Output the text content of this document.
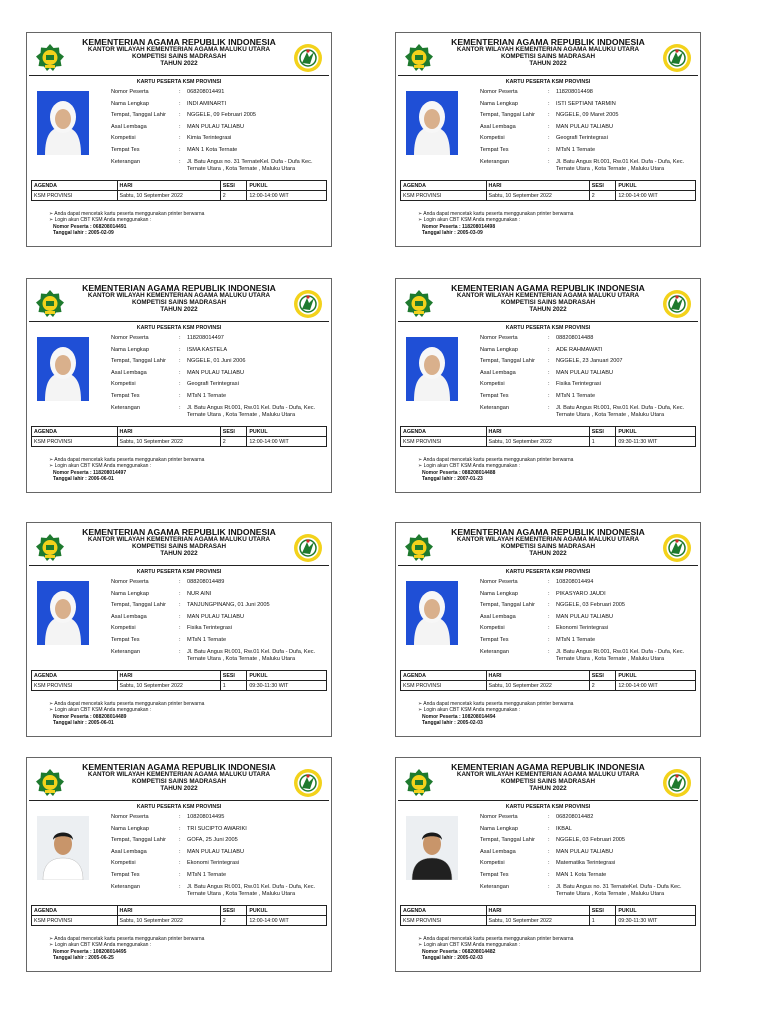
KEMENTERIAN AGAMA REPUBLIK INDONESIA
KANTOR WILAYAH KEMENTERIAN AGAMA MALUKU UTARA
KOMPETISI SAINS MADRASAH
TAHUN 2022
KARTU PESERTA KSM PROVINSI
Nomor Peserta	: 068208014491
Nama Lengkap	: INDI AMINARTI
Tempat, Tanggal Lahir : NGGELE, 09 Februari 2005
Asal Lembaga	: MAN PULAU TALIABU
Kompetisi	: Kimia Terintegrasi
Tempat Tes	: MAN 1 Kota Ternate
Keterangan	: Jl. Batu Angus no. 31 TernateKel. Dufa - Dufa Kec. Ternate Utara , Kota Ternate , Maluku Utara
AGENDA	HARI	SESI	PUKUL
KSM PROVINSI	Sabtu, 10 September 2022	2	12:00-14:00 WIT
➢ Anda dapat mencetak kartu peserta menggunakan printer berwarna
➢ Login akun CBT KSM Anda menggunakan :
Nomor Peserta : 068208014491
Tanggal lahir : 2005-02-09
KEMENTERIAN AGAMA REPUBLIK INDONESIA
KANTOR WILAYAH KEMENTERIAN AGAMA MALUKU UTARA
KOMPETISI SAINS MADRASAH
TAHUN 2022
KARTU PESERTA KSM PROVINSI
Nomor Peserta	: 118208014498
Nama Lengkap	: ISTI SEPTIANI TARMIN
Tempat, Tanggal Lahir : NGGELE, 09 Maret 2005
Asal Lembaga	: MAN PULAU TALIABU
Kompetisi	: Geografi Terintegrasi
Tempat Tes	: MTsN 1 Ternate
Keterangan	: Jl. Batu Angus Rt.001, Rw.01 Kel. Dufa - Dufa, Kec. Ternate Utara , Kota Ternate , Maluku Utara
AGENDA	HARI	SESI	PUKUL
KSM PROVINSI	Sabtu, 10 September 2022	2	12:00-14:00 WIT
➢ Anda dapat mencetak kartu peserta menggunakan printer berwarna
➢ Login akun CBT KSM Anda menggunakan :
Nomor Peserta : 118208014498
Tanggal lahir : 2005-03-09
KEMENTERIAN AGAMA REPUBLIK INDONESIA
KANTOR WILAYAH KEMENTERIAN AGAMA MALUKU UTARA
KOMPETISI SAINS MADRASAH
TAHUN 2022
KARTU PESERTA KSM PROVINSI
Nomor Peserta	: 118208014497
Nama Lengkap	: ISMA KASTELA
Tempat, Tanggal Lahir : NGGELE, 01 Juni 2006
Asal Lembaga	: MAN PULAU TALIABU
Kompetisi	: Geografi Terintegrasi
Tempat Tes	: MTsN 1 Ternate
Keterangan	: Jl. Batu Angus Rt.001, Rw.01 Kel. Dufa - Dufa, Kec. Ternate Utara , Kota Ternate , Maluku Utara
AGENDA	HARI	SESI	PUKUL
KSM PROVINSI	Sabtu, 10 September 2022	2	12:00-14:00 WIT
➢ Anda dapat mencetak kartu peserta menggunakan printer berwarna
➢ Login akun CBT KSM Anda menggunakan :
Nomor Peserta : 118208014497
Tanggal lahir : 2006-06-01
KEMENTERIAN AGAMA REPUBLIK INDONESIA
KANTOR WILAYAH KEMENTERIAN AGAMA MALUKU UTARA
KOMPETISI SAINS MADRASAH
TAHUN 2022
KARTU PESERTA KSM PROVINSI
Nomor Peserta	: 088208014488
Nama Lengkap	: ADE RAHMAWATI
Tempat, Tanggal Lahir : NGGELE, 23 Januari 2007
Asal Lembaga	: MAN PULAU TALIABU
Kompetisi	: Fisika Terintegrasi
Tempat Tes	: MTsN 1 Ternate
Keterangan	: Jl. Batu Angus Rt.001, Rw.01 Kel. Dufa - Dufa, Kec. Ternate Utara , Kota Ternate , Maluku Utara
AGENDA	HARI	SESI	PUKUL
KSM PROVINSI	Sabtu, 10 September 2022	1	09:30-11:30 WIT
➢ Anda dapat mencetak kartu peserta menggunakan printer berwarna
➢ Login akun CBT KSM Anda menggunakan :
Nomor Peserta : 088208014488
Tanggal lahir : 2007-01-23
KEMENTERIAN AGAMA REPUBLIK INDONESIA
KANTOR WILAYAH KEMENTERIAN AGAMA MALUKU UTARA
KOMPETISI SAINS MADRASAH
TAHUN 2022
KARTU PESERTA KSM PROVINSI
Nomor Peserta	: 088208014489
Nama Lengkap	: NUR AINI
Tempat, Tanggal Lahir : TANJUNGPINANG, 01 Juni 2005
Asal Lembaga	: MAN PULAU TALIABU
Kompetisi	: Fisika Terintegrasi
Tempat Tes	: MTsN 1 Ternate
Keterangan	: Jl. Batu Angus Rt.001, Rw.01 Kel. Dufa - Dufa, Kec. Ternate Utara , Kota Ternate , Maluku Utara
AGENDA	HARI	SESI	PUKUL
KSM PROVINSI	Sabtu, 10 September 2022	1	09:30-11:30 WIT
➢ Anda dapat mencetak kartu peserta menggunakan printer berwarna
➢ Login akun CBT KSM Anda menggunakan :
Nomor Peserta : 088208014489
Tanggal lahir : 2005-06-01
KEMENTERIAN AGAMA REPUBLIK INDONESIA
KANTOR WILAYAH KEMENTERIAN AGAMA MALUKU UTARA
KOMPETISI SAINS MADRASAH
TAHUN 2022
KARTU PESERTA KSM PROVINSI
Nomor Peserta	: 108208014494
Nama Lengkap	: PIKASYARO JAUDI
Tempat, Tanggal Lahir : NGGELE, 03 Februari 2005
Asal Lembaga	: MAN PULAU TALIABU
Kompetisi	: Ekonomi Terintegrasi
Tempat Tes	: MTsN 1 Ternate
Keterangan	: Jl. Batu Angus Rt.001, Rw.01 Kel. Dufa - Dufa, Kec. Ternate Utara , Kota Ternate , Maluku Utara
AGENDA	HARI	SESI	PUKUL
KSM PROVINSI	Sabtu, 10 September 2022	2	12:00-14:00 WIT
➢ Anda dapat mencetak kartu peserta menggunakan printer berwarna
➢ Login akun CBT KSM Anda menggunakan :
Nomor Peserta : 108208014494
Tanggal lahir : 2005-02-03
KEMENTERIAN AGAMA REPUBLIK INDONESIA
KANTOR WILAYAH KEMENTERIAN AGAMA MALUKU UTARA
KOMPETISI SAINS MADRASAH
TAHUN 2022
KARTU PESERTA KSM PROVINSI
Nomor Peserta	: 108208014495
Nama Lengkap	: TRI SUCIPTO AWARIKI
Tempat, Tanggal Lahir : GOFA, 25 Juni 2005
Asal Lembaga	: MAN PULAU TALIABU
Kompetisi	: Ekonomi Terintegrasi
Tempat Tes	: MTsN 1 Ternate
Keterangan	: Jl. Batu Angus Rt.001, Rw.01 Kel. Dufa - Dufa, Kec. Ternate Utara , Kota Ternate , Maluku Utara
AGENDA	HARI	SESI	PUKUL
KSM PROVINSI	Sabtu, 10 September 2022	2	12:00-14:00 WIT
➢ Anda dapat mencetak kartu peserta menggunakan printer berwarna
➢ Login akun CBT KSM Anda menggunakan :
Nomor Peserta : 108208014495
Tanggal lahir : 2005-06-25
KEMENTERIAN AGAMA REPUBLIK INDONESIA
KANTOR WILAYAH KEMENTERIAN AGAMA MALUKU UTARA
KOMPETISI SAINS MADRASAH
TAHUN 2022
KARTU PESERTA KSM PROVINSI
Nomor Peserta	: 068208014482
Nama Lengkap	: IKBAL
Tempat, Tanggal Lahir : NGGELE, 03 Februari 2005
Asal Lembaga	: MAN PULAU TALIABU
Kompetisi	: Matematika Terintegrasi
Tempat Tes	: MAN 1 Kota Ternate
Keterangan	: Jl. Batu Angus no. 31 TernateKel. Dufa - Dufa Kec. Ternate Utara , Kota Ternate , Maluku Utara
AGENDA	HARI	SESI	PUKUL
KSM PROVINSI	Sabtu, 10 September 2022	1	09:30-11:30 WIT
➢ Anda dapat mencetak kartu peserta menggunakan printer berwarna
➢ Login akun CBT KSM Anda menggunakan :
Nomor Peserta : 068208014482
Tanggal lahir : 2005-02-03
